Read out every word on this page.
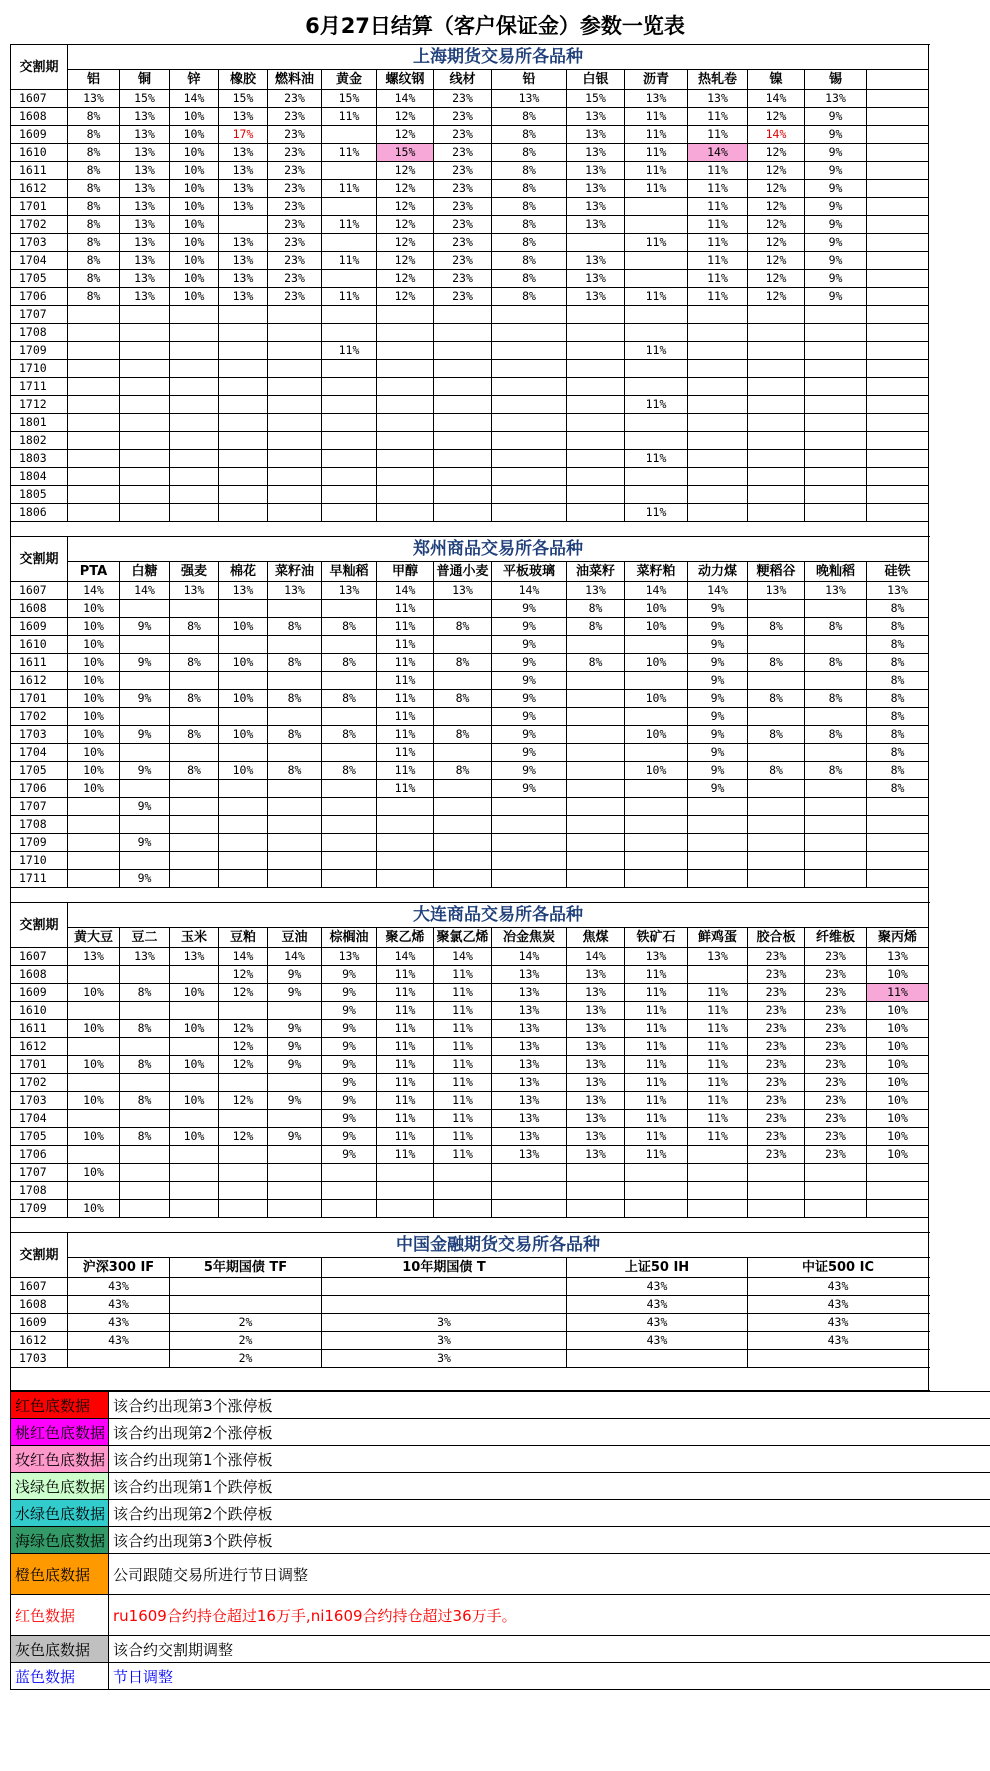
6月27日结算（客户保证金）参数一览表
交割期	上海期货交易所各品种															
	铝	铜	锌	橡胶	燃料油	黄金	螺纹钢	线材	铅	白银	沥青	热轧卷	镍	锡		
1607	13%	15%	14%	15%	23%	15%	14%	23%	13%	15%	13%	13%	14%	13%		
1608	8%	13%	10%	13%	23%	11%	12%	23%	8%	13%	11%	11%	12%	9%		
1609	8%	13%	10%	17%	23%		12%	23%	8%	13%	11%	11%	14%	9%		
1610	8%	13%	10%	13%	23%	11%	15%	23%	8%	13%	11%	14%	12%	9%		
1611	8%	13%	10%	13%	23%		12%	23%	8%	13%	11%	11%	12%	9%		
1612	8%	13%	10%	13%	23%	11%	12%	23%	8%	13%	11%	11%	12%	9%		
1701	8%	13%	10%	13%	23%		12%	23%	8%	13%		11%	12%	9%		
1702	8%	13%	10%		23%	11%	12%	23%	8%	13%		11%	12%	9%		
1703	8%	13%	10%	13%	23%		12%	23%	8%		11%	11%	12%	9%		
1704	8%	13%	10%	13%	23%	11%	12%	23%	8%	13%		11%	12%	9%		
1705	8%	13%	10%	13%	23%		12%	23%	8%	13%		11%	12%	9%		
1706	8%	13%	10%	13%	23%	11%	12%	23%	8%	13%	11%	11%	12%	9%		
1707																
1708																
1709						11%					11%					
1710																
1711																
1712											11%					
1801																
1802																
1803											11%					
1804																
1805																
1806											11%					

交割期	郑州商品交易所各品种															
	PTA	白糖	强麦	棉花	菜籽油	早籼稻	甲醇	普通小麦	平板玻璃	油菜籽	菜籽粕	动力煤	粳稻谷	晚籼稻	硅铁	
1607	14%	14%	13%	13%	13%	13%	14%	13%	14%	13%	14%	14%	13%	13%	13%	
1608	10%						11%		9%	8%	10%	9%			8%	
1609	10%	9%	8%	10%	8%	8%	11%	8%	9%	8%	10%	9%	8%	8%	8%	
1610	10%						11%		9%			9%			8%	
1611	10%	9%	8%	10%	8%	8%	11%	8%	9%	8%	10%	9%	8%	8%	8%	
1612	10%						11%		9%			9%			8%	
1701	10%	9%	8%	10%	8%	8%	11%	8%	9%		10%	9%	8%	8%	8%	
1702	10%						11%		9%			9%			8%	
1703	10%	9%	8%	10%	8%	8%	11%	8%	9%		10%	9%	8%	8%	8%	
1704	10%						11%		9%			9%			8%	
1705	10%	9%	8%	10%	8%	8%	11%	8%	9%		10%	9%	8%	8%	8%	
1706	10%						11%		9%			9%			8%	
1707		9%														
1708																
1709		9%														
1710																
1711		9%														

交割期	大连商品交易所各品种															
	黄大豆	豆二	玉米	豆粕	豆油	棕榈油	聚乙烯	聚氯乙烯	冶金焦炭	焦煤	铁矿石	鲜鸡蛋	胶合板	纤维板	聚丙烯	
1607	13%	13%	13%	14%	14%	13%	14%	14%	14%	14%	13%	13%	23%	23%	13%	
1608				12%	9%	9%	11%	11%	13%	13%	11%		23%	23%	10%	
1609	10%	8%	10%	12%	9%	9%	11%	11%	13%	13%	11%	11%	23%	23%	11%	
1610						9%	11%	11%	13%	13%	11%	11%	23%	23%	10%	
1611	10%	8%	10%	12%	9%	9%	11%	11%	13%	13%	11%	11%	23%	23%	10%	
1612				12%	9%	9%	11%	11%	13%	13%	11%	11%	23%	23%	10%	
1701	10%	8%	10%	12%	9%	9%	11%	11%	13%	13%	11%	11%	23%	23%	10%	
1702						9%	11%	11%	13%	13%	11%	11%	23%	23%	10%	
1703	10%	8%	10%	12%	9%	9%	11%	11%	13%	13%	11%	11%	23%	23%	10%	
1704						9%	11%	11%	13%	13%	11%	11%	23%	23%	10%	
1705	10%	8%	10%	12%	9%	9%	11%	11%	13%	13%	11%	11%	23%	23%	10%	
1706						9%	11%	11%	13%	13%	11%		23%	23%	10%	
1707	10%															
1708																
1709	10%															

交割期	中国金融期货交易所各品种															
	沪深300 IF		5年期国债 TF			10年期国债 T				上证50 IH			中证500 IC	
1607	43%									43%			43%	
1608	43%									43%			43%	
1609	43%		2%			3%				43%			43%	
1612	43%		2%			3%				43%			43%	
1703			2%			3%										

红色底数据	该合约出现第3个涨停板
桃红色底数据	该合约出现第2个涨停板
玫红色底数据	该合约出现第1个涨停板
浅绿色底数据	该合约出现第1个跌停板
水绿色底数据	该合约出现第2个跌停板
海绿色底数据	该合约出现第3个跌停板
橙色底数据	公司跟随交易所进行节日调整
红色数据	ru1609合约持仓超过16万手,ni1609合约持仓超过36万手。
灰色底数据	该合约交割期调整
蓝色数据	节日调整
